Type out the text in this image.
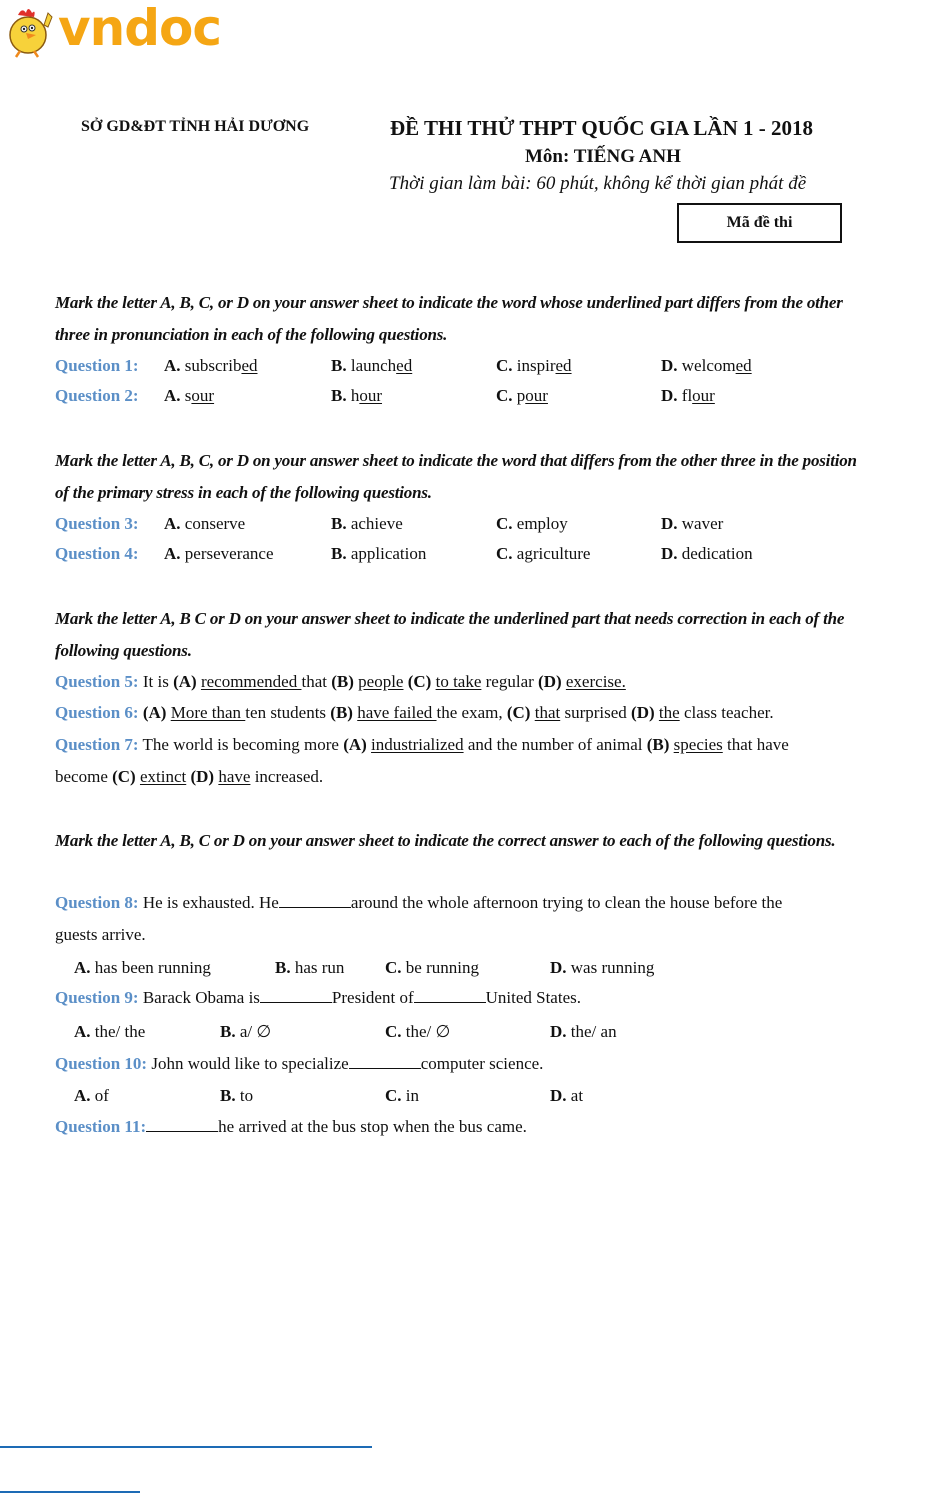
vndoc
SỞ GD&ĐT TỈNH HẢI DƯƠNG	ĐỀ THI THỬ THPT QUỐC GIA LẦN 1 - 2018
Môn: TIẾNG ANH
Thời gian làm bài: 60 phút, không kể thời gian phát đề
Mã đề thi
Mark the letter A, B, C, or D on your answer sheet to indicate the word whose underlined part differs from the other three in pronunciation in each of the following questions.
Question 1: A. subscribed	B. launched	C. inspired	D. welcomed
Question 2: A. sour	B. hour	C. pour	D. flour
Mark the letter A, B, C, or D on your answer sheet to indicate the word that differs from the other three in the position of the primary stress in each of the following questions.
Question 3: A. conserve	B. achieve	C. employ	D. waver
Question 4: A. perseverance	B. application	C. agriculture	D. dedication
Mark the letter A, B C or D on your answer sheet to indicate the underlined part that needs correction in each of the following questions.
Question 5: It is (A) recommended that (B) people (C) to take regular (D) exercise.
Question 6: (A) More than ten students (B) have failed the exam, (C) that surprised (D) the class teacher.
Question 7: The world is becoming more (A) industrialized and the number of animal (B) species that have
become (C) extinct (D) have increased.
Mark the letter A, B, C or D on your answer sheet to indicate the correct answer to each of the following questions.
Question 8: He is exhausted. He	around the whole afternoon trying to clean the house before the
guests arrive.
A. has been running	B. has run C. be running	D. was running
Question 9: Barack Obama is	President of	United States.
A. the/ the	B. a/ ∅	C. the/ ∅	D. the/ an
Question 10: John would like to specialize	computer science.
A. of	B. to	C. in	D. at
Question 11:	he arrived at the bus stop when the bus came.
